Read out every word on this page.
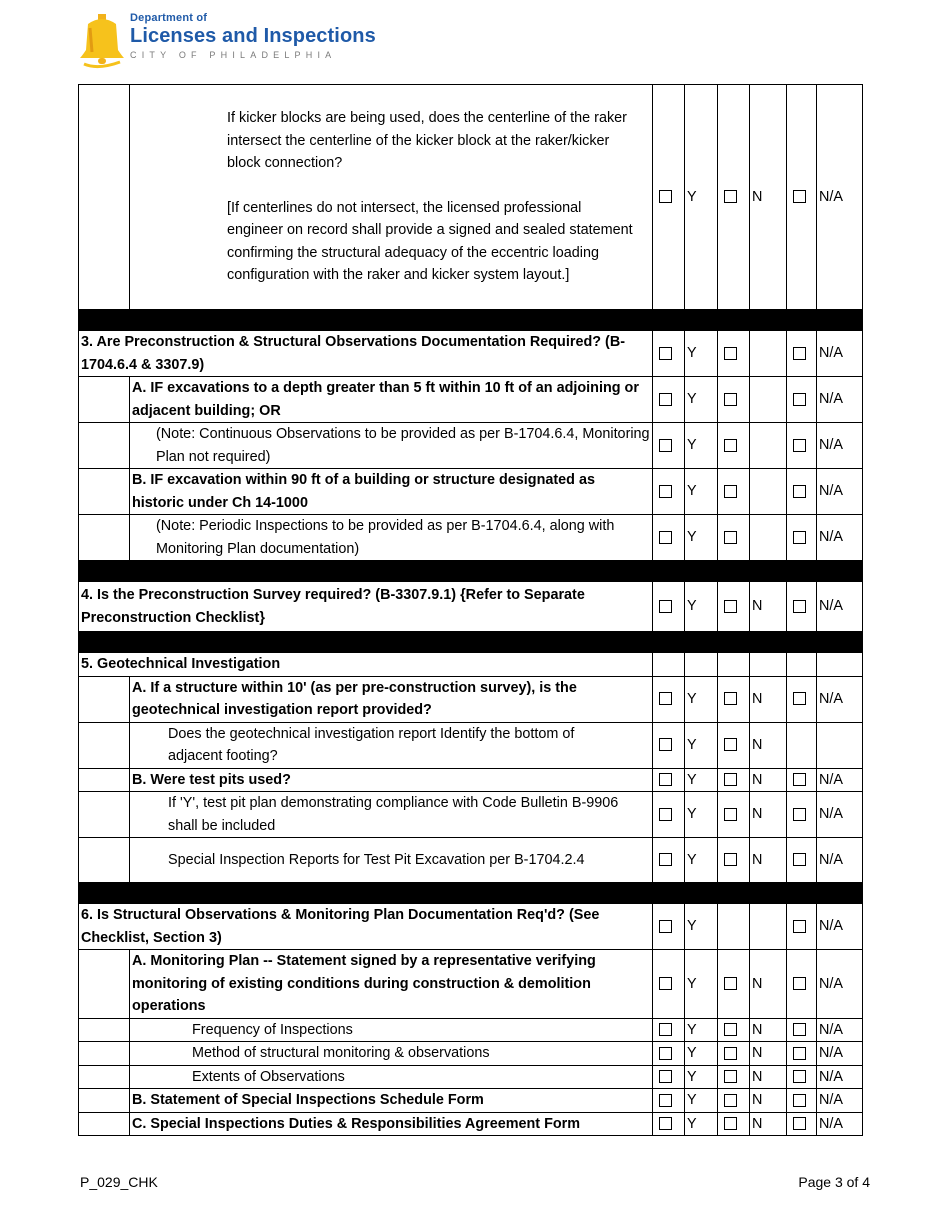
Department of
Licenses and Inspections
CITY OF PHILADELPHIA

	If kicker blocks are being used, does the centerline of the raker intersect the centerline of the kicker block at the raker/kicker block connection?
[If centerlines do not intersect, the licensed professional engineer on record shall provide a signed and sealed statement confirming the structural adequacy of the eccentric loading configuration with the raker and kicker system layout.]		Y		N		N/A

3. Are Preconstruction & Structural Observations Documentation Required? (B-1704.6.4 & 3307.9)			Y				N/A
	A. IF excavations to a depth greater than 5 ft within 10 ft of an adjoining or adjacent building; OR		Y				N/A
	(Note: Continuous Observations to be provided as per B-1704.6.4, Monitoring Plan not required)		Y				N/A
	B. IF excavation within 90 ft of a building or structure designated as historic under Ch 14-1000		Y				N/A
	(Note: Periodic Inspections to be provided as per B-1704.6.4, along with Monitoring Plan documentation)		Y				N/A

4. Is the Preconstruction Survey required? (B-3307.9.1) {Refer to Separate Preconstruction Checklist}			Y		N		N/A

5. Geotechnical Investigation							
	A. If a structure within 10' (as per pre-construction survey), is the geotechnical investigation report provided?		Y		N		N/A
	Does the geotechnical investigation report Identify the bottom of adjacent footing?		Y		N		
	B. Were test pits used?		Y		N		N/A
	If 'Y', test pit plan demonstrating compliance with Code Bulletin B-9906 shall be included		Y		N		N/A
	Special Inspection Reports for Test Pit Excavation per B-1704.2.4		Y		N		N/A

6. Is Structural Observations & Monitoring Plan Documentation Req'd? (See Checklist, Section 3)			Y				N/A
	A. Monitoring Plan -- Statement signed by a representative verifying monitoring of existing conditions during construction & demolition operations		Y		N		N/A
	Frequency of Inspections		Y		N		N/A
	Method of structural monitoring & observations		Y		N		N/A
	Extents of Observations		Y		N		N/A
	B. Statement of Special Inspections Schedule Form		Y		N		N/A
	C. Special Inspections Duties & Responsibilities Agreement Form		Y		N		N/A
P_029_CHK	Page 3 of 4
